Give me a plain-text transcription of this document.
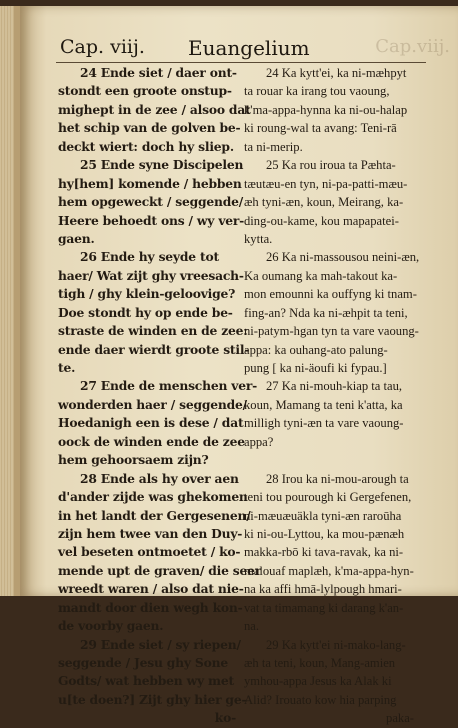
Cap.viij.
Cap. viij. Euangelium
24 Ende siet / daer ont-
stondt een groote onstup-
mighept in de zee / alsoo dat
het schip van de golven be-
deckt wiert: doch hy sliep.
25 Ende syne Discipelen
hy[hem] komende / hebben
hem opgeweckt / seggende/
Heere behoedt ons / wy ver-
gaen.
26 Ende hy seyde tot
haer/ Wat zijt ghy vreesach-
tigh / ghy klein-geloovige?
Doe stondt hy op ende be-
straste de winden en de zee:
ende daer wierdt groote stil-
te.
27 Ende de menschen ver-
wonderden haer / seggende/
Hoedanigh een is dese / dat
oock de winden ende de zee
hem gehoorsaem zijn?
28 Ende als hy over aen
d'ander zijde was ghekomen
in het landt der Gergesenen/
zijn hem twee van den Duy-
vel beseten ontmoetet / ko-
mende upt de graven/ die seer
wreedt waren / also dat nie-
mandt door dien wegh kon-
de voorby gaen.
29 Ende siet / sy riepen/
seggende / Jesu ghy Sone
Godts/ wat hebben wy met
u[te doen?] Zijt ghy hier ge-
ko-
24 Ka kytt'ei, ka ni-mæhpyt
ta rouar ka irang tou vaoung,
k'ma-appa-hynna ka ni-ou-halap
ki roung-wal ta avang: Teni-rā
ta ni-merip.
25 Ka rou iroua ta Pæhta-
tæutæu-en tyn, ni-pa-patti-mæu-
æh tyni-æn, koun, Meirang, ka-
ding-ou-kame, kou mapapatei-
kytta.
26 Ka ni-massousou neini-æn,
Ka oumang ka mah-takout ka-
mon emounni ka ouffyng ki tnam-
fing-an? Nda ka ni-æhpit ta teni,
ni-patym-hgan tyn ta vare vaoung-
appa: ka ouhang-ato palung-
pung [ ka ni-äoufi ki fypau.]
27 Ka ni-mouh-kiap ta tau,
koun, Mamang ta teni k'atta, ka
milligh tyni-æn ta vare vaoung-
appa?
28 Irou ka ni-mou-arough ta
teni tou pourough ki Gergefenen,
ni-mæuæuäkla tyni-æn raroūha
ki ni-ou-Lyttou, ka mou-pænæh
makka-rbō ki tava-ravak, ka ni-
malouaf maplæh, k'ma-appa-hyn-
na ka affi hmā-lylpough hmari-
vat ta timamang ki darang k'an-
na.
29 Ka kytt'ei ni-mako-lang-
æh ta teni, koun, Mang-amien
ymhou-appa Jesus ka Alak ki
Alid? Irouato kow hia parping
paka-
